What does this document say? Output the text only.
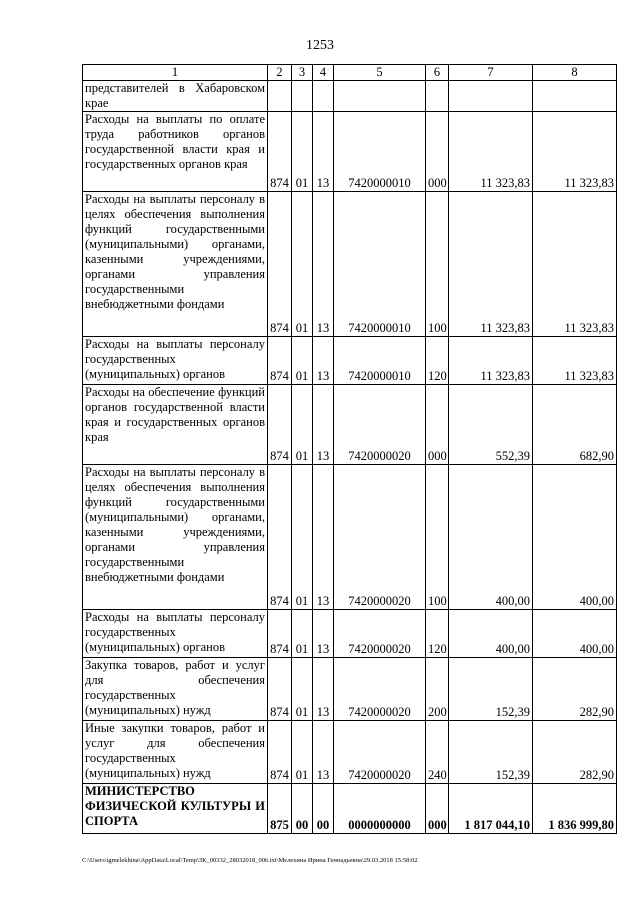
1253
1	2	3	4	5	6	7	8
представителей в Хабаровском крае							
Расходы на выплаты по оплате труда работников органов государственной власти края и государственных органов края	874	01	13	7420000010	000	11 323,83	11 323,83
Расходы на выплаты персоналу в целях обеспечения выполнения функций государственными (муниципальными) органами, казенными учреждениями, органами управления государственными внебюджетными фондами	874	01	13	7420000010	100	11 323,83	11 323,83
Расходы на выплаты персоналу государственных (муниципальных) органов	874	01	13	7420000010	120	11 323,83	11 323,83
Расходы на обеспечение функций органов государственной власти края и государственных органов края	874	01	13	7420000020	000	552,39	682,90
Расходы на выплаты персоналу в целях обеспечения выполнения функций государственными (муниципальными) органами, казенными учреждениями, органами управления государственными внебюджетными фондами	874	01	13	7420000020	100	400,00	400,00
Расходы на выплаты персоналу государственных (муниципальных) органов	874	01	13	7420000020	120	400,00	400,00
Закупка товаров, работ и услуг для обеспечения государственных (муниципальных) нужд	874	01	13	7420000020	200	152,39	282,90
Иные закупки товаров, работ и услуг для обеспечения государственных (муниципальных) нужд	874	01	13	7420000020	240	152,39	282,90
МИНИСТЕРСТВО ФИЗИЧЕСКОЙ КУЛЬТУРЫ И СПОРТА	875	00	00	0000000000	000	1 817 044,10	1 836 999,80
C:\Users\igmelekhina\AppData\Local\Temp\ЗК_00332_28032018_006.txt\Мелехина Ирина Геннадьевна\29.03.2018 15:58:02
